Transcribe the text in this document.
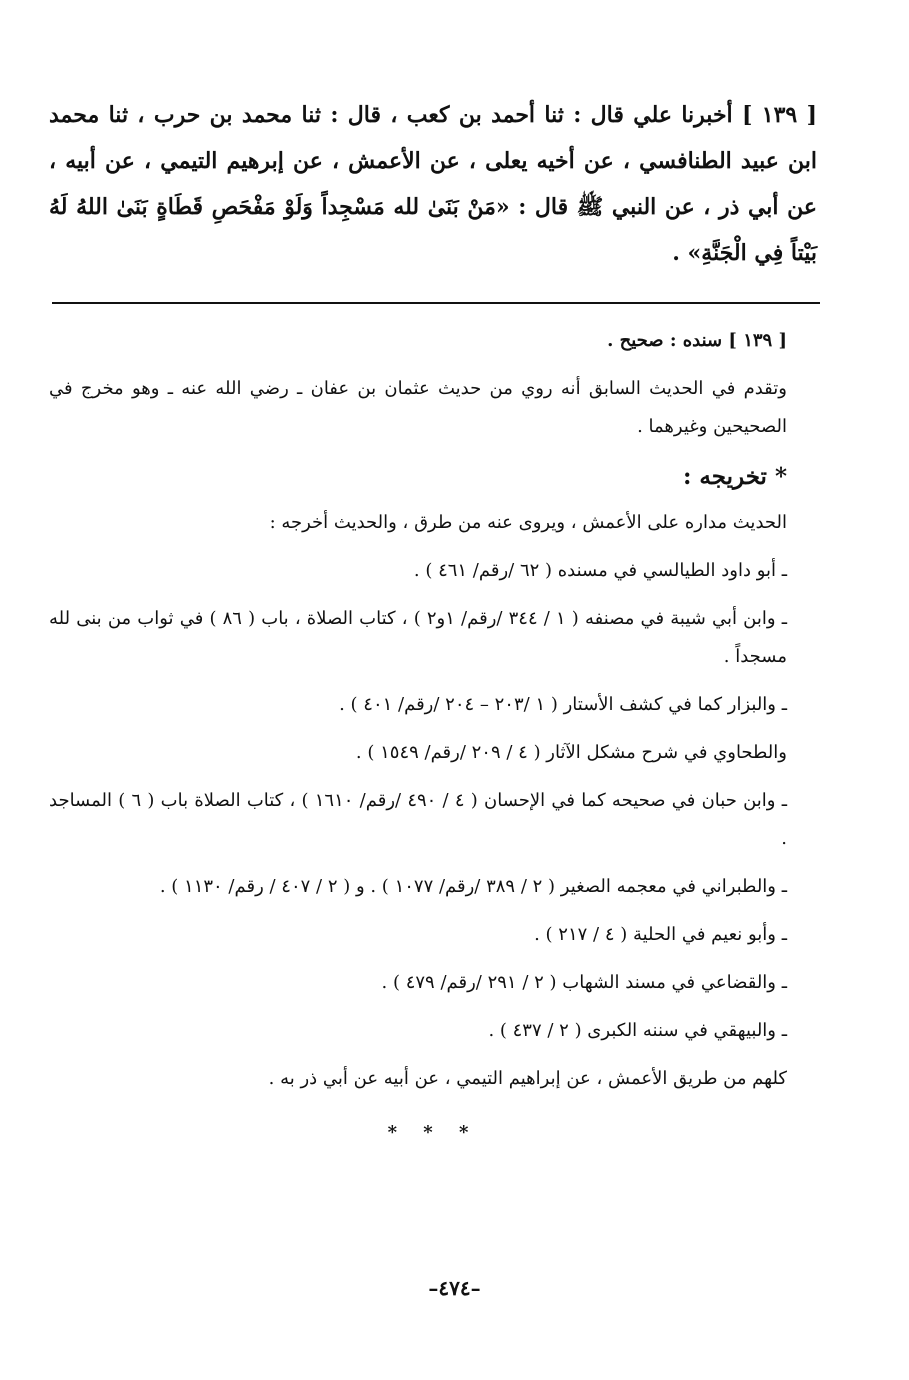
[ ١٣٩ ] أخبرنا علي قال : ثنا أحمد بن كعب ، قال : ثنا محمد بن حرب ، ثنا محمد ابن عبيد الطنافسي ، عن أخيه يعلى ، عن الأعمش ، عن إبرهيم التيمي ، عن أبيه ، عن أبي ذر ، عن النبي ﷺ قال : «مَنْ بَنَىٰ لله مَسْجِداً وَلَوْ مَفْحَصِ قَطَاةٍ بَنَىٰ اللهُ لَهُ بَيْتاً فِي الْجَنَّةِ» .

[ ١٣٩ ] سنده : صحيح .

وتقدم في الحديث السابق أنه روي من حديث عثمان بن عفان ـ رضي الله عنه ـ وهو مخرج في الصحيحين وغيرهما .

* تخريجه :

الحديث مداره على الأعمش ، ويروى عنه من طرق ، والحديث أخرجه :

ـ أبو داود الطيالسي في مسنده ( ٦٢ /رقم/ ٤٦١ ) .

ـ وابن أبي شيبة في مصنفه ( ١ / ٣٤٤ /رقم/ ١و٢ ) ، كتاب الصلاة ، باب ( ٨٦ ) في ثواب من بنى لله مسجداً .

ـ والبزار كما في كشف الأستار ( ١ /٢٠٣ – ٢٠٤ /رقم/ ٤٠١ ) .

والطحاوي في شرح مشكل الآثار ( ٤ / ٢٠٩ /رقم/ ١٥٤٩ ) .

ـ وابن حبان في صحيحه كما في الإحسان ( ٤ / ٤٩٠ /رقم/ ١٦١٠ ) ، كتاب الصلاة باب ( ٦ ) المساجد .

ـ والطبراني في معجمه الصغير ( ٢ / ٣٨٩ /رقم/ ١٠٧٧ ) . و ( ٢ / ٤٠٧ / رقم/ ١١٣٠ ) .

ـ وأبو نعيم في الحلية ( ٤ / ٢١٧ ) .

ـ والقضاعي في مسند الشهاب ( ٢ / ٢٩١ /رقم/ ٤٧٩ ) .

ـ والبيهقي في سننه الكبرى ( ٢ / ٤٣٧ ) .

كلهم من طريق الأعمش ، عن إبراهيم التيمي ، عن أبيه عن أبي ذر به .

* * *
–٤٧٤–
